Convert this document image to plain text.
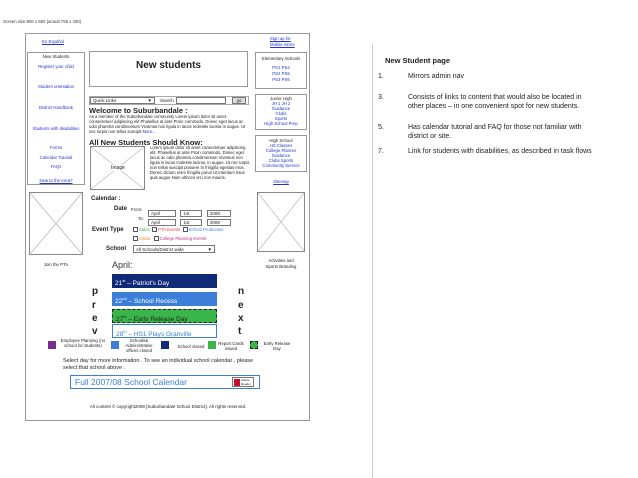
Screen size:800 x 600 (actual 765 x 430)
En Español
Sign up for
Mobile Alerts
New students
New Students
Register your child
Student orientation
District Handbook
Students with disabilities
Forms
Calendar Tutorial
FAQs
New to the Area?
Join the PTA
Elementary Schools
PS1 PS4
PS2 PS5
PS3 PS6
Junior High
JH 1 JH 2
Guidance
Clubs
Sports
High School Prep
High School
HS Classes
College Planner
Guidance
Clubs Sports
Community Service
Sitemap
Activities and
Sports Branding
Quick Links	▼ Search	go
Welcome to Suburbandale :
As a member of the Suburbandale community Lorem ipsum dolor sit amet, consectetuer adipiscing elit Phasellus at ante Proin commodo. Donec eget lacus ac odio pharetra condimentum Vivamus non ligula in lacus molestie lacinia In augue. Ut nec turpis non tellus suscipit More...
All New Students Should Know:
Image
Lorem ipsum dolor sit amet consectetuer adipiscing elit. Phasellus at ante Proin commodo. Donec eget lacus ac odio pharetra condimentum Vivamus non ligula in lacus molestie lacinia. In augue. Ut nec turpis non tellus suscipit posuere In fringilla egestas eros. Donec dictum enim fringilla purus Ut interdum risus quis augue Nam ultrices orci non mauris.
Calendar :
Date From:
April	1st	2008
To:
April	1st	2008
Event Type	Sales PTA Events School Production
Clubs College Planning Events
School	All Schools/District wide	▼
April:
p
r
e
v
n
e
x
t
21st – Patriot's Day
22nd – School Recess
27th – Early Release Day
28th – HS1 Plays Granville
Employee Planning (no school for students)
Schools& Administrative offices closed
School closed
Report Cards issued
Early Release Day
Select day for more information . To see an individual school calendar , please select that school above .
Full 2007/08 School Calendar	Adobe Reader
All content © copyright2008 [Suburbandale School District]. All rights reserved.
New Student page
1.	Mirrors admin nav
3.	Consists of links to content that would also be located in other places – in one convenient spot for new students.
5.	Has calendar tutorial and FAQ for those not familiar with district or site.
7.	Link for students with disabilities, as described in task flows
